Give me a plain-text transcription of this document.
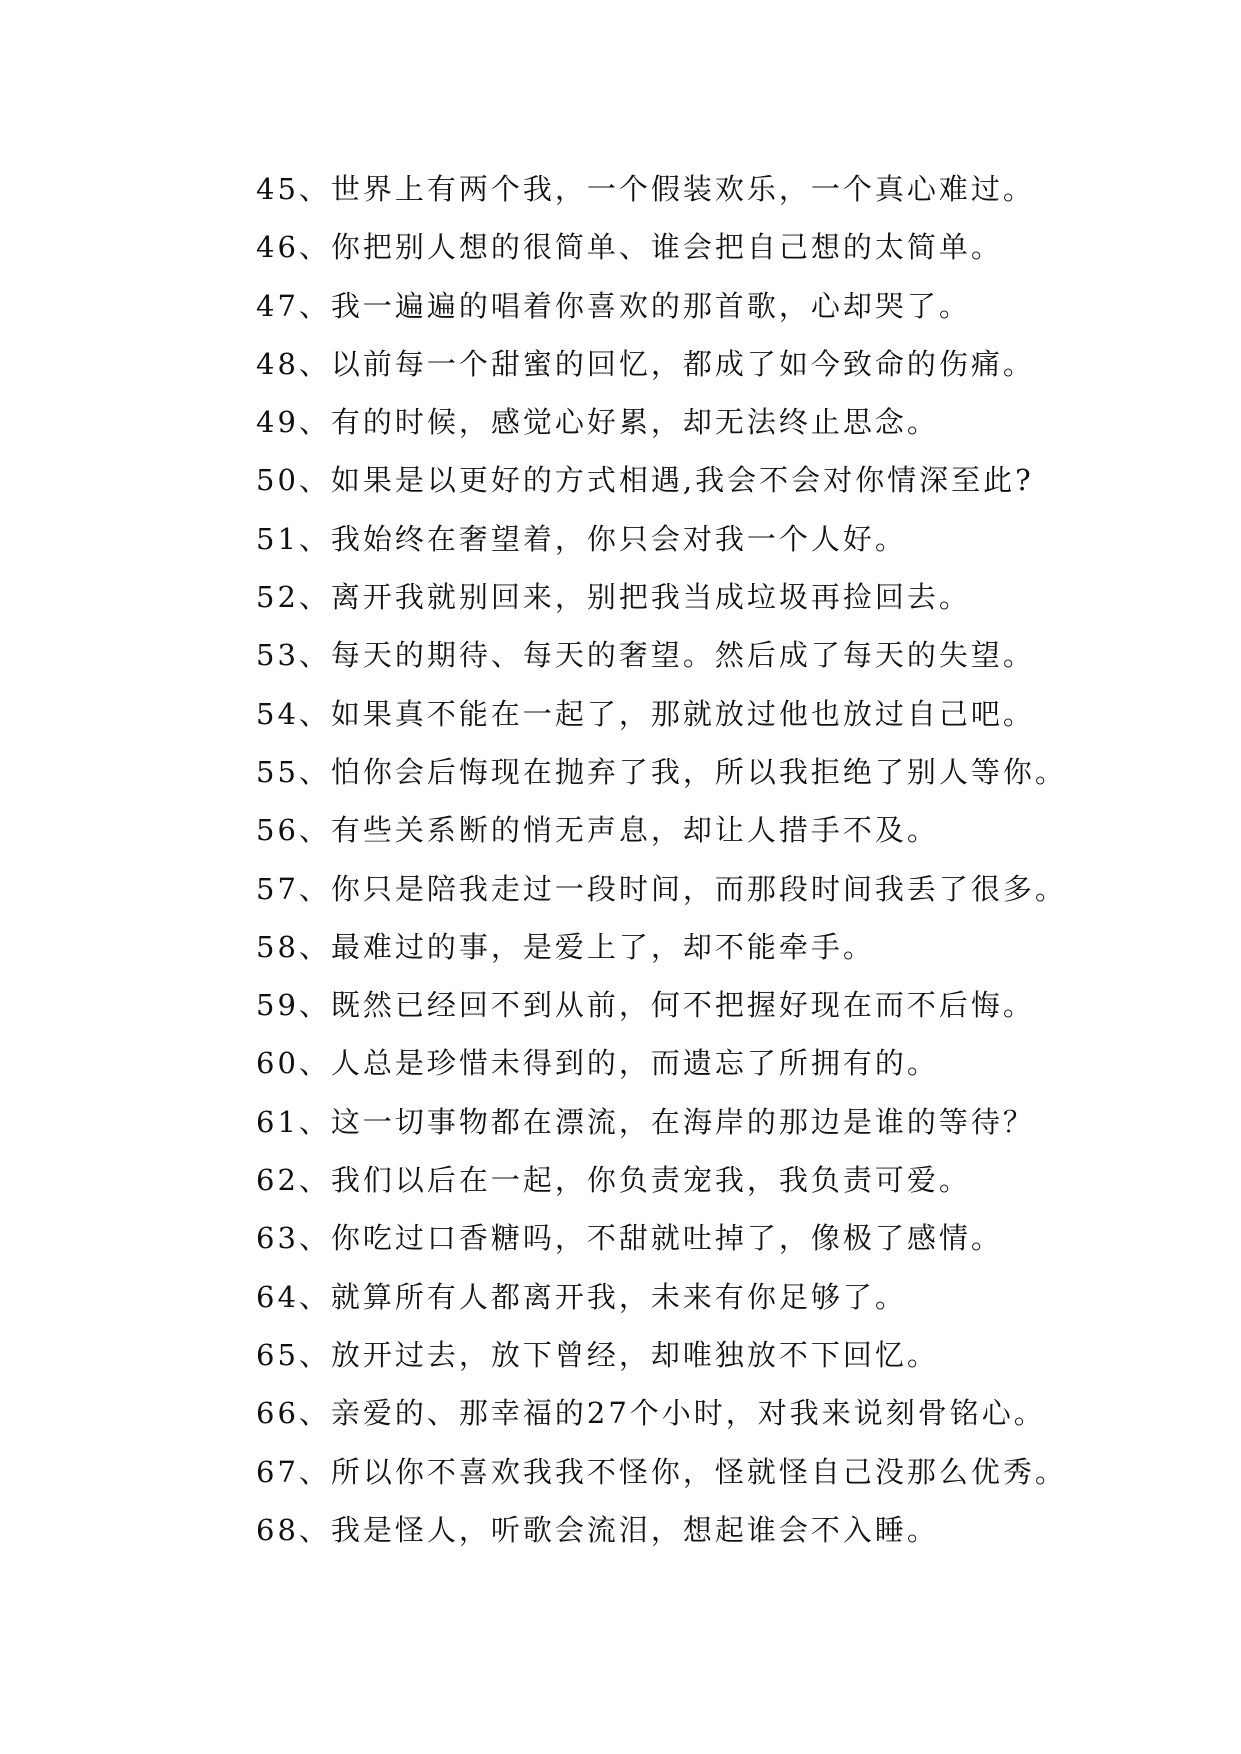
45、世界上有两个我，一个假装欢乐，一个真心难过。
46、你把别人想的很简单、谁会把自己想的太简单。
47、我一遍遍的唱着你喜欢的那首歌，心却哭了。
48、以前每一个甜蜜的回忆，都成了如今致命的伤痛。
49、有的时候，感觉心好累，却无法终止思念。
50、如果是以更好的方式相遇,我会不会对你情深至此?
51、我始终在奢望着，你只会对我一个人好。
52、离开我就别回来，别把我当成垃圾再捡回去。
53、每天的期待、每天的奢望。然后成了每天的失望。
54、如果真不能在一起了，那就放过他也放过自己吧。
55、怕你会后悔现在抛弃了我，所以我拒绝了别人等你。
56、有些关系断的悄无声息，却让人措手不及。
57、你只是陪我走过一段时间，而那段时间我丢了很多。
58、最难过的事，是爱上了，却不能牵手。
59、既然已经回不到从前，何不把握好现在而不后悔。
60、人总是珍惜未得到的，而遗忘了所拥有的。
61、这一切事物都在漂流，在海岸的那边是谁的等待？
62、我们以后在一起，你负责宠我，我负责可爱。
63、你吃过口香糖吗，不甜就吐掉了，像极了感情。
64、就算所有人都离开我，未来有你足够了。
65、放开过去，放下曾经，却唯独放不下回忆。
66、亲爱的、那幸福的27个小时，对我来说刻骨铭心。
67、所以你不喜欢我我不怪你，怪就怪自己没那么优秀。
68、我是怪人，听歌会流泪，想起谁会不入睡。
